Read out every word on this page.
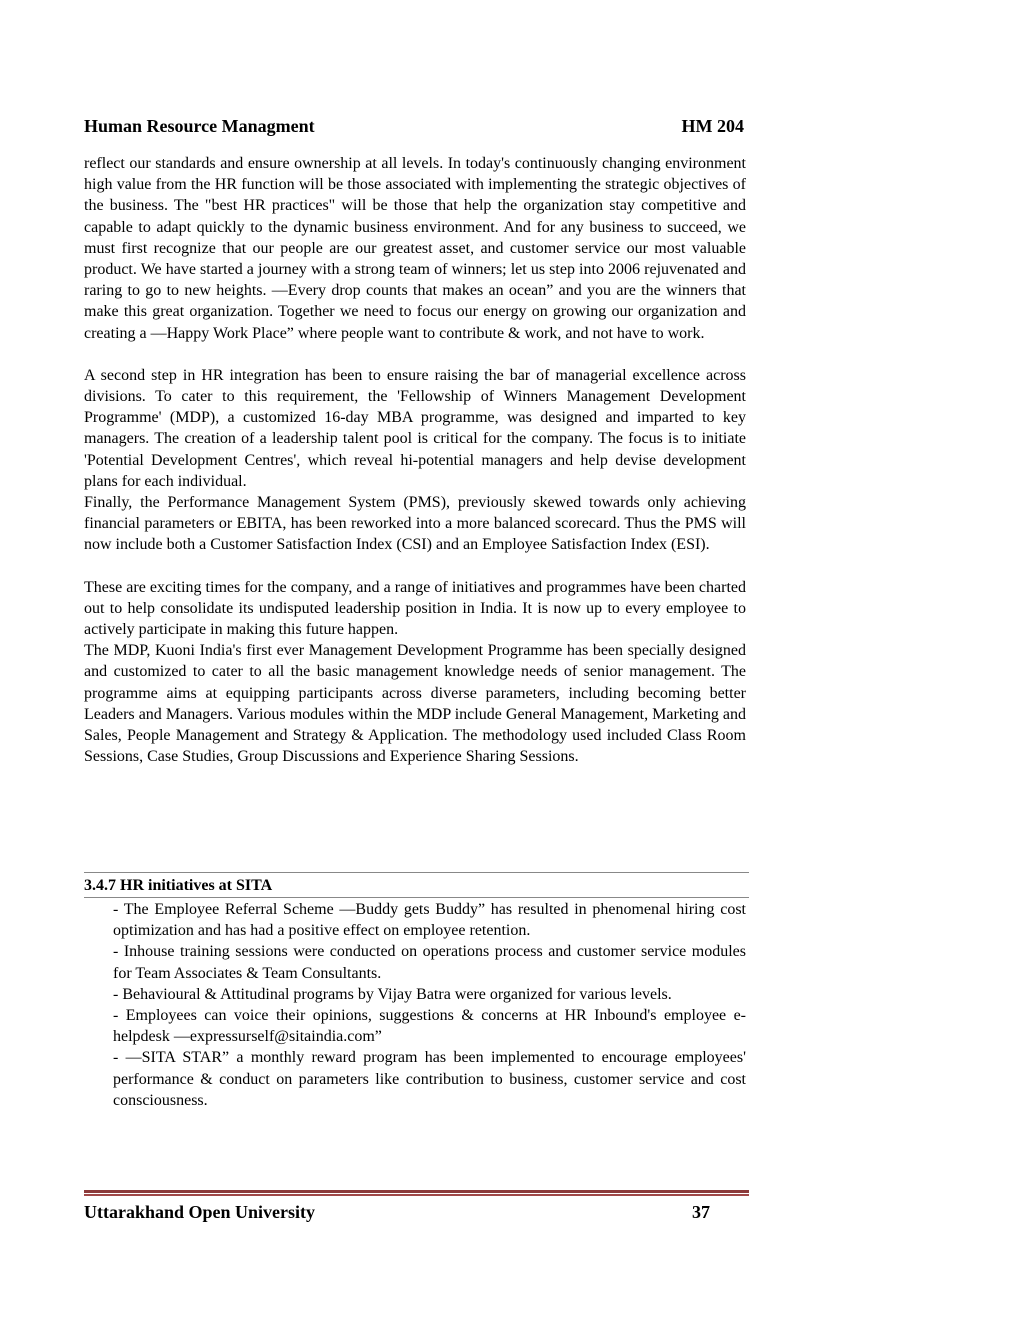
Human Resource Managment	HM 204

reflect our standards and ensure ownership at all levels. In today's continuously changing environment high value from the HR function will be those associated with implementing the strategic objectives of the business. The "best HR practices" will be those that help the organization stay competitive and capable to adapt quickly to the dynamic business environment. And for any business to succeed, we must first recognize that our people are our greatest asset, and customer service our most valuable product. We have started a journey with a strong team of winners; let us step into 2006 rejuvenated and raring to go to new heights. ―Every drop counts that makes an ocean” and you are the winners that make this great organization. Together we need to focus our energy on growing our organization and creating a ―Happy Work Place” where people want to contribute & work, and not have to work.

A second step in HR integration has been to ensure raising the bar of managerial excellence across divisions. To cater to this requirement, the 'Fellowship of Winners Management Development Programme' (MDP), a customized 16-day MBA programme, was designed and imparted to key managers. The creation of a leadership talent pool is critical for the company. The focus is to initiate 'Potential Development Centres', which reveal hi-potential managers and help devise development plans for each individual.

Finally, the Performance Management System (PMS), previously skewed towards only achieving financial parameters or EBITA, has been reworked into a more balanced scorecard. Thus the PMS will now include both a Customer Satisfaction Index (CSI) and an Employee Satisfaction Index (ESI).

These are exciting times for the company, and a range of initiatives and programmes have been charted out to help consolidate its undisputed leadership position in India. It is now up to every employee to actively participate in making this future happen.

The MDP, Kuoni India's first ever Management Development Programme has been specially designed and customized to cater to all the basic management knowledge needs of senior management. The programme aims at equipping participants across diverse parameters, including becoming better Leaders and Managers. Various modules within the MDP include General Management, Marketing and Sales, People Management and Strategy & Application. The methodology used included Class Room Sessions, Case Studies, Group Discussions and Experience Sharing Sessions.

3.4.7 HR initiatives at SITA

- The Employee Referral Scheme ―Buddy gets Buddy” has resulted in phenomenal hiring cost optimization and has had a positive effect on employee retention.

- Inhouse training sessions were conducted on operations process and customer service modules for Team Associates & Team Consultants.

- Behavioural & Attitudinal programs by Vijay Batra were organized for various levels.

- Employees can voice their opinions, suggestions & concerns at HR Inbound's employee e-helpdesk ―expressurself@sitaindia.com”

- ―SITA STAR” a monthly reward program has been implemented to encourage employees' performance & conduct on parameters like contribution to business, customer service and cost consciousness.

Uttarakhand Open University	37
